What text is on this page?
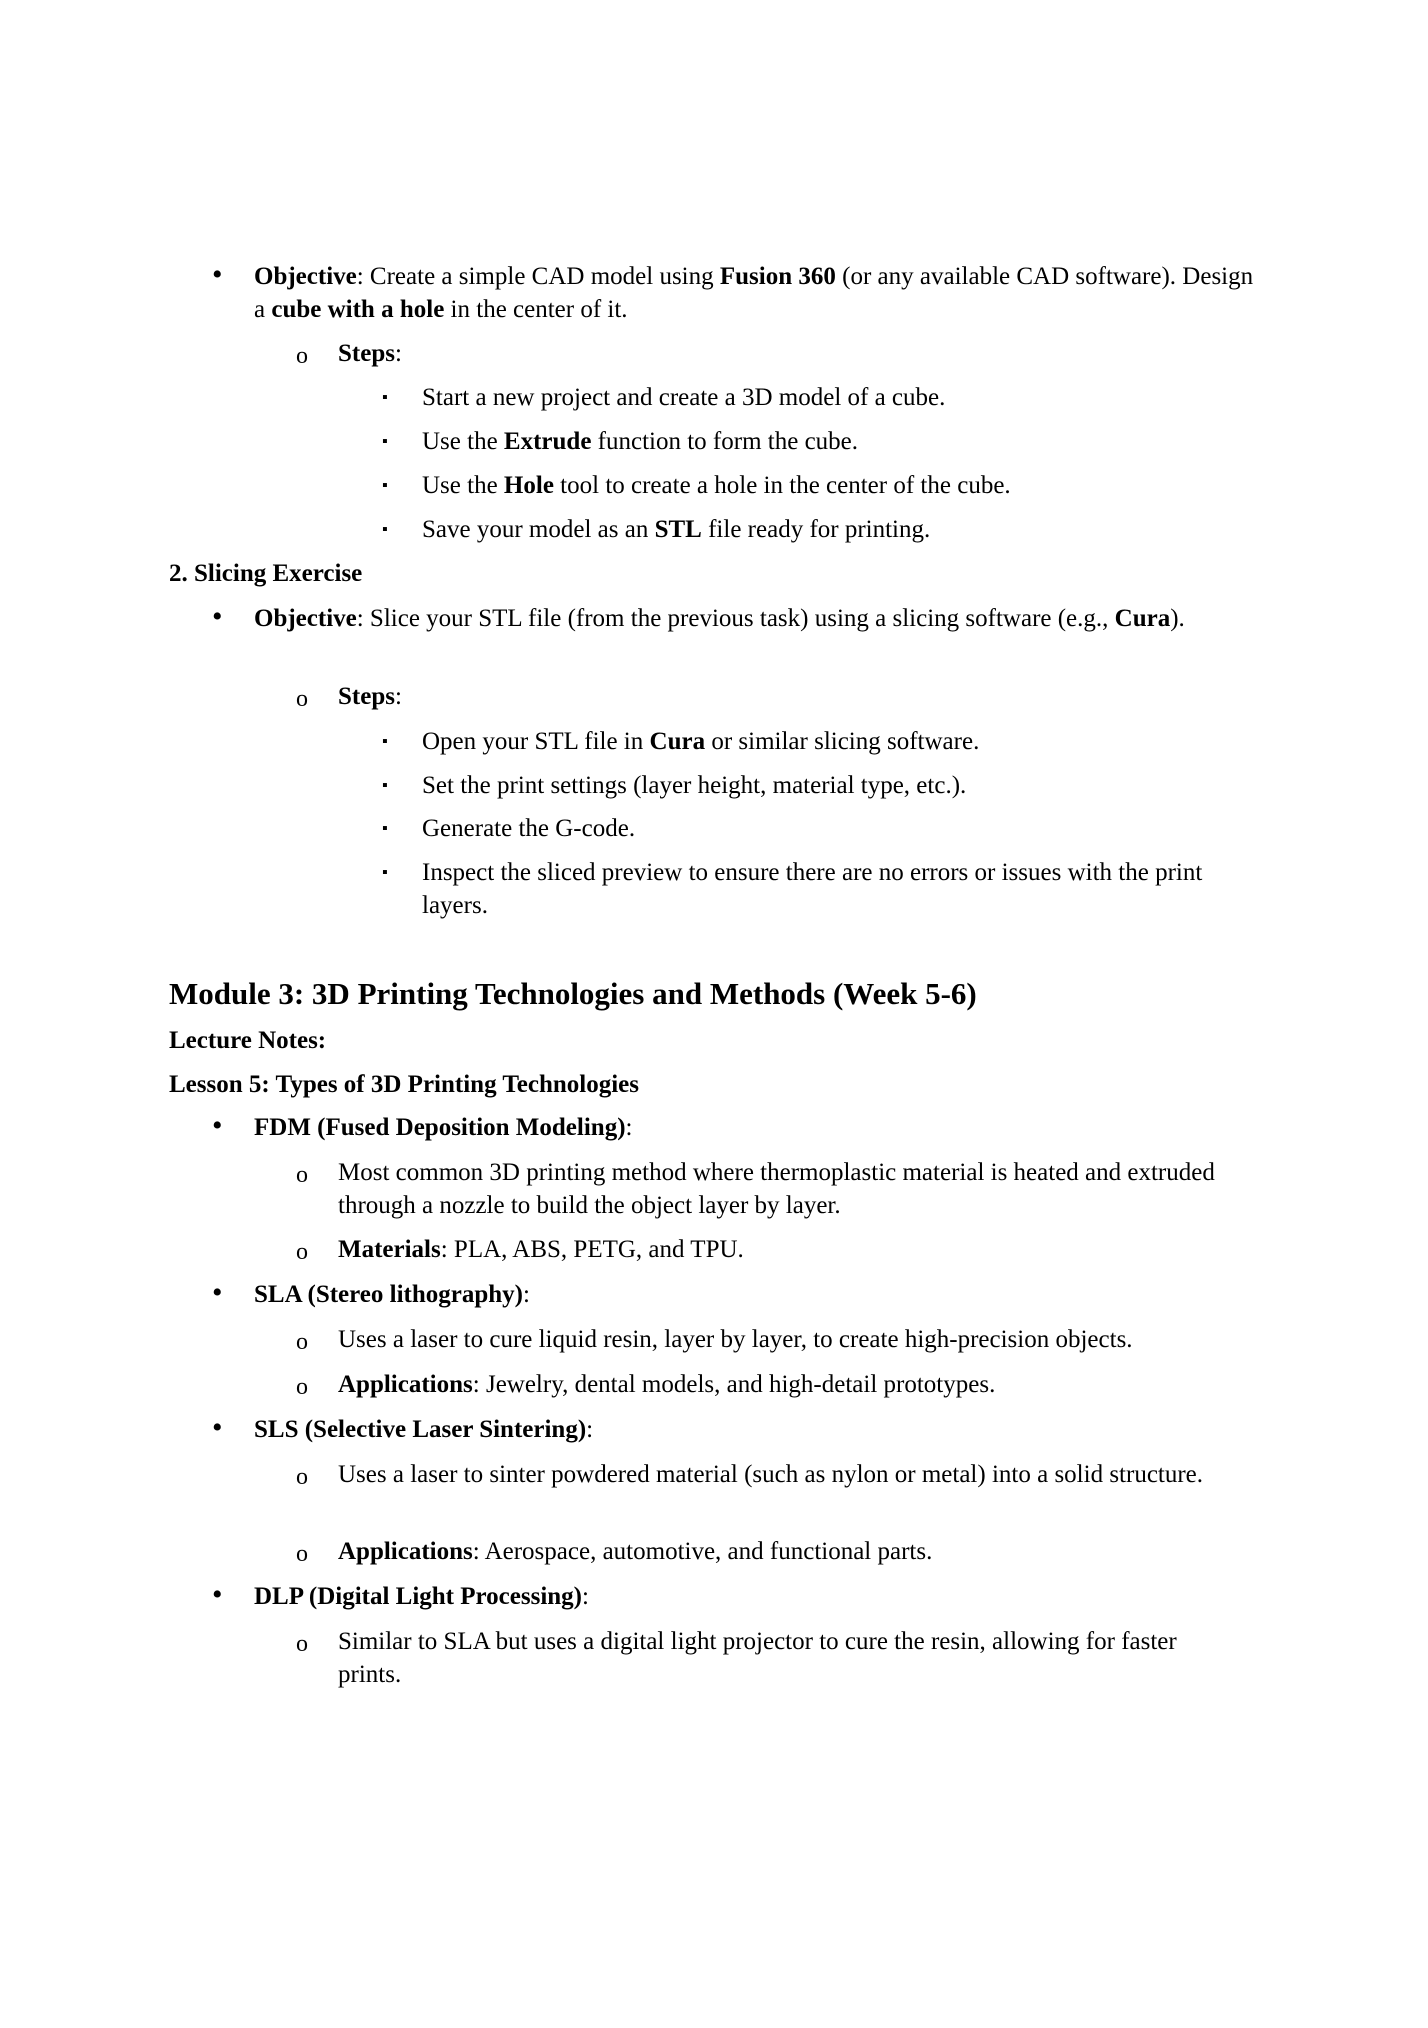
• Objective: Create a simple CAD model using Fusion 360 (or any available CAD software). Design a cube with a hole in the center of it.
o Steps:
▪ Start a new project and create a 3D model of a cube.
▪ Use the Extrude function to form the cube.
▪ Use the Hole tool to create a hole in the center of the cube.
▪ Save your model as an STL file ready for printing.
2. Slicing Exercise
• Objective: Slice your STL file (from the previous task) using a slicing software (e.g., Cura).
o Steps:
▪ Open your STL file in Cura or similar slicing software.
▪ Set the print settings (layer height, material type, etc.).
▪ Generate the G-code.
▪ Inspect the sliced preview to ensure there are no errors or issues with the print layers.
Module 3: 3D Printing Technologies and Methods (Week 5-6)
Lecture Notes:
Lesson 5: Types of 3D Printing Technologies
• FDM (Fused Deposition Modeling):
o Most common 3D printing method where thermoplastic material is heated and extruded through a nozzle to build the object layer by layer.
o Materials: PLA, ABS, PETG, and TPU.
• SLA (Stereo lithography):
o Uses a laser to cure liquid resin, layer by layer, to create high-precision objects.
o Applications: Jewelry, dental models, and high-detail prototypes.
• SLS (Selective Laser Sintering):
o Uses a laser to sinter powdered material (such as nylon or metal) into a solid structure.
o Applications: Aerospace, automotive, and functional parts.
• DLP (Digital Light Processing):
o Similar to SLA but uses a digital light projector to cure the resin, allowing for faster prints.
